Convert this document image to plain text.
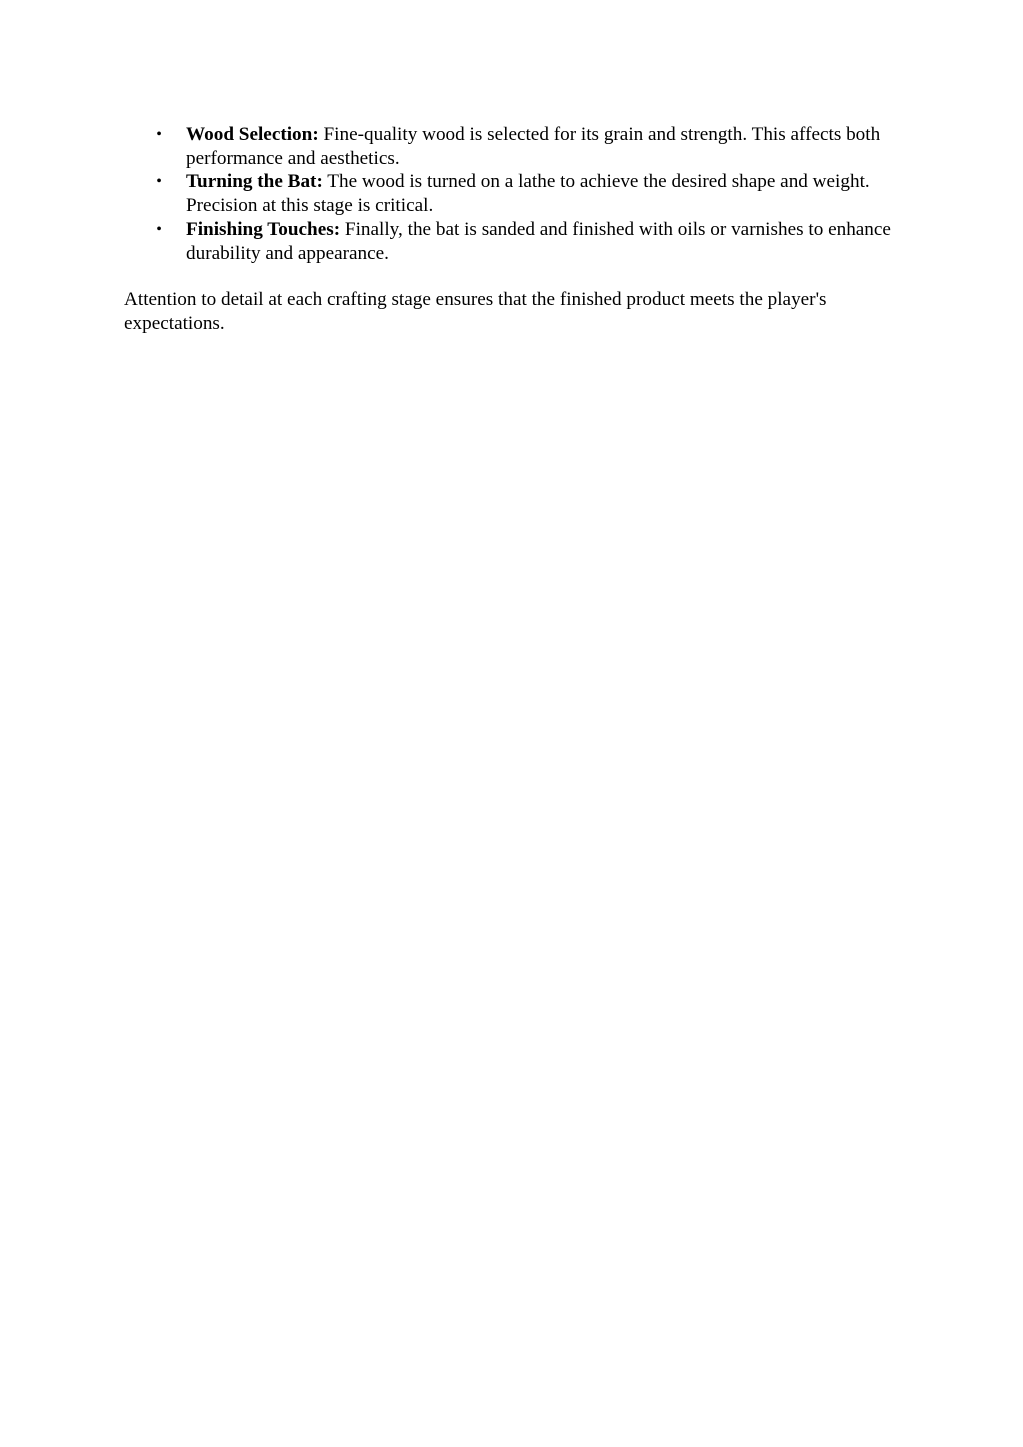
•
Wood Selection: Fine-quality wood is selected for its grain and strength. This affects both performance and aesthetics.
•
Turning the Bat: The wood is turned on a lathe to achieve the desired shape and weight. Precision at this stage is critical.
•
Finishing Touches: Finally, the bat is sanded and finished with oils or varnishes to enhance durability and appearance.

Attention to detail at each crafting stage ensures that the finished product meets the player's expectations.
